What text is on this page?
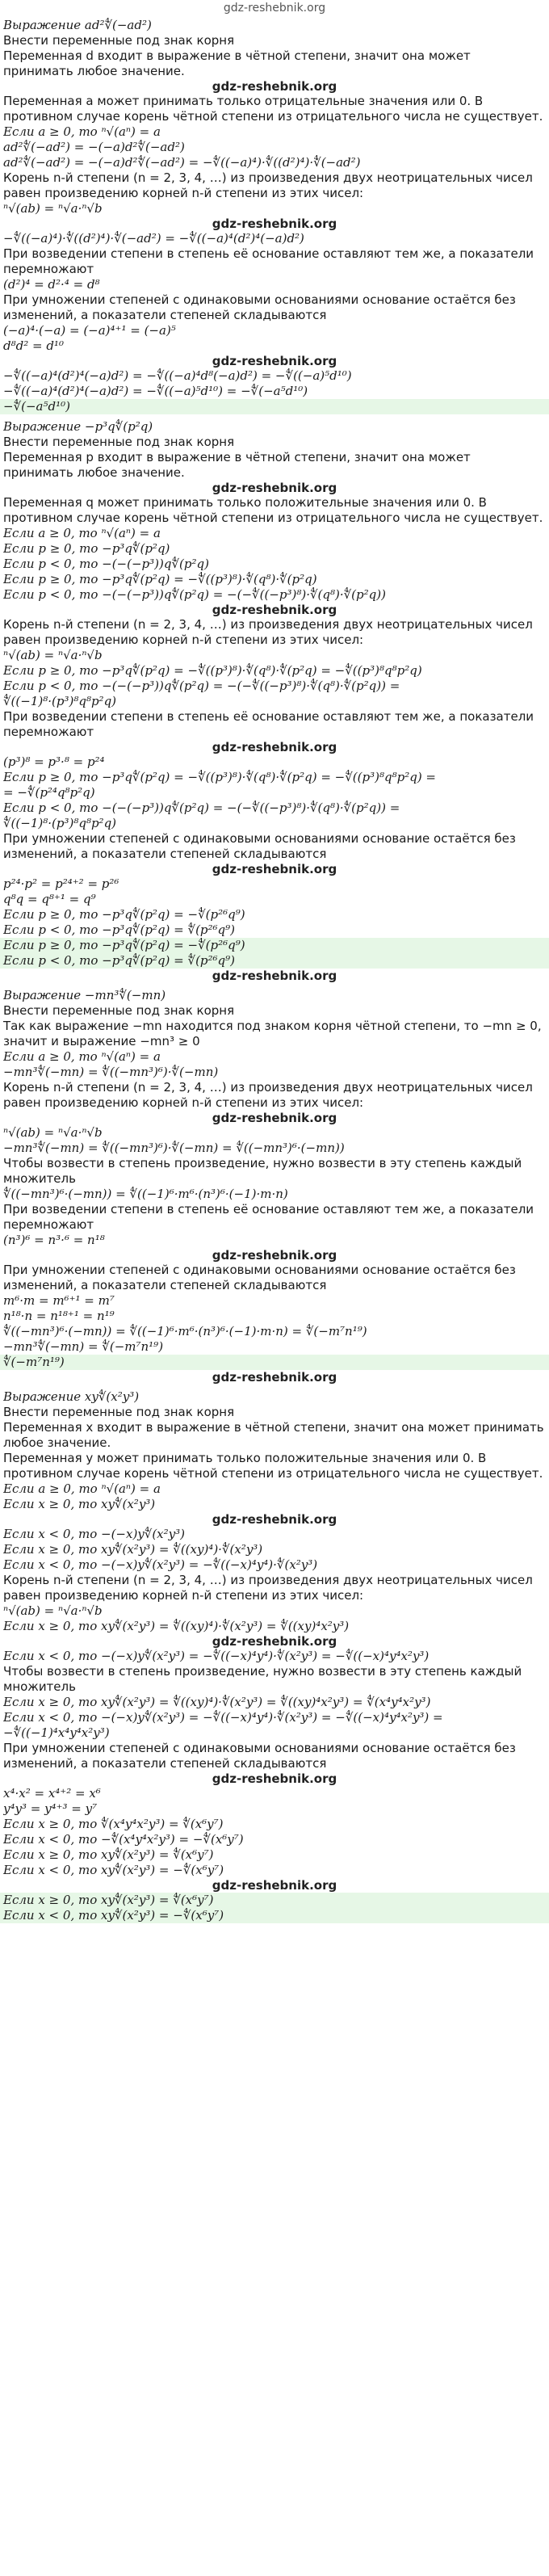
gdz-reshebnik.org
Выражение ad²∜(−ad²)
Внести переменные под знак корня
Переменная d входит в выражение в чётной степени, значит она может принимать любое значение.
gdz-reshebnik.org
Переменная a может принимать только отрицательные значения или 0. В противном случае корень чётной степени из отрицательного числа не существует.
Если a ≥ 0, то ⁿ√(aⁿ) = a
ad²∜(−ad²) = −(−a)d²∜(−ad²)
ad²∜(−ad²) = −(−a)d²∜(−ad²) = −∜((−a)⁴)·∜((d²)⁴)·∜(−ad²)
Корень n-й степени (n = 2, 3, 4, …) из произведения двух неотрицательных чисел равен произведению корней n-й степени из этих чисел:
ⁿ√(ab) = ⁿ√a·ⁿ√b
gdz-reshebnik.org
−∜((−a)⁴)·∜((d²)⁴)·∜(−ad²) = −∜((−a)⁴(d²)⁴(−a)d²)
При возведении степени в степень её основание оставляют тем же, а показатели перемножают
(d²)⁴ = d²·⁴ = d⁸
При умножении степеней с одинаковыми основаниями основание остаётся без изменений, а показатели степеней складываются
(−a)⁴·(−a) = (−a)⁴⁺¹ = (−a)⁵
d⁸d² = d¹⁰
gdz-reshebnik.org
−∜((−a)⁴(d²)⁴(−a)d²) = −∜((−a)⁴d⁸(−a)d²) = −∜((−a)⁵d¹⁰)
−∜((−a)⁴(d²)⁴(−a)d²) = −∜((−a)⁵d¹⁰) = −∜(−a⁵d¹⁰)
−∜(−a⁵d¹⁰)
Выражение −p³q∜(p²q)
Внести переменные под знак корня
Переменная p входит в выражение в чётной степени, значит она может принимать любое значение.
gdz-reshebnik.org
Переменная q может принимать только положительные значения или 0. В противном случае корень чётной степени из отрицательного числа не существует.
Если a ≥ 0, то ⁿ√(aⁿ) = a
Если p ≥ 0, то −p³q∜(p²q)
Если p < 0, то −(−(−p³))q∜(p²q)
Если p ≥ 0, то −p³q∜(p²q) = −∜((p³)⁸)·∜(q⁸)·∜(p²q)
Если p < 0, то −(−(−p³))q∜(p²q) = −(−∜((−p³)⁸)·∜(q⁸)·∜(p²q))
gdz-reshebnik.org
Корень n-й степени (n = 2, 3, 4, …) из произведения двух неотрицательных чисел равен произведению корней n-й степени из этих чисел:
ⁿ√(ab) = ⁿ√a·ⁿ√b
Если p ≥ 0, то −p³q∜(p²q) = −∜((p³)⁸)·∜(q⁸)·∜(p²q) = −∜((p³)⁸q⁸p²q)
Если p < 0, то −(−(−p³))q∜(p²q) = −(−∜((−p³)⁸)·∜(q⁸)·∜(p²q)) =
∜((−1)⁸·(p³)⁸q⁸p²q)
При возведении степени в степень её основание оставляют тем же, а показатели перемножают
gdz-reshebnik.org
(p³)⁸ = p³·⁸ = p²⁴
Если p ≥ 0, то −p³q∜(p²q) = −∜((p³)⁸)·∜(q⁸)·∜(p²q) = −∜((p³)⁸q⁸p²q) =
= −∜(p²⁴q⁸p²q)
Если p < 0, то −(−(−p³))q∜(p²q) = −(−∜((−p³)⁸)·∜(q⁸)·∜(p²q)) =
∜((−1)⁸·(p³)⁸q⁸p²q)
При умножении степеней с одинаковыми основаниями основание остаётся без изменений, а показатели степеней складываются
gdz-reshebnik.org
p²⁴·p² = p²⁴⁺² = p²⁶
q⁸q = q⁸⁺¹ = q⁹
Если p ≥ 0, то −p³q∜(p²q) = −∜(p²⁶q⁹)
Если p < 0, то −p³q∜(p²q) = ∜(p²⁶q⁹)
Если p ≥ 0, то −p³q∜(p²q) = −∜(p²⁶q⁹)
Если p < 0, то −p³q∜(p²q) = ∜(p²⁶q⁹)
gdz-reshebnik.org
Выражение −mn³∜(−mn)
Внести переменные под знак корня
Так как выражение −mn находится под знаком корня чётной степени, то −mn ≥ 0, значит и выражение −mn³ ≥ 0
Если a ≥ 0, то ⁿ√(aⁿ) = a
−mn³∜(−mn) = ∜((−mn³)⁶)·∜(−mn)
Корень n-й степени (n = 2, 3, 4, …) из произведения двух неотрицательных чисел равен произведению корней n-й степени из этих чисел:
gdz-reshebnik.org
ⁿ√(ab) = ⁿ√a·ⁿ√b
−mn³∜(−mn) = ∜((−mn³)⁶)·∜(−mn) = ∜((−mn³)⁶·(−mn))
Чтобы возвести в степень произведение, нужно возвести в эту степень каждый множитель
∜((−mn³)⁶·(−mn)) = ∜((−1)⁶·m⁶·(n³)⁶·(−1)·m·n)
При возведении степени в степень её основание оставляют тем же, а показатели перемножают
(n³)⁶ = n³·⁶ = n¹⁸
gdz-reshebnik.org
При умножении степеней с одинаковыми основаниями основание остаётся без изменений, а показатели степеней складываются
m⁶·m = m⁶⁺¹ = m⁷
n¹⁸·n = n¹⁸⁺¹ = n¹⁹
∜((−mn³)⁶·(−mn)) = ∜((−1)⁶·m⁶·(n³)⁶·(−1)·m·n) = ∜(−m⁷n¹⁹)
−mn³∜(−mn) = ∜(−m⁷n¹⁹)
∜(−m⁷n¹⁹)
gdz-reshebnik.org
Выражение xy∜(x²y³)
Внести переменные под знак корня
Переменная x входит в выражение в чётной степени, значит она может принимать любое значение.
Переменная y может принимать только положительные значения или 0. В противном случае корень чётной степени из отрицательного числа не существует.
Если a ≥ 0, то ⁿ√(aⁿ) = a
Если x ≥ 0, то xy∜(x²y³)
gdz-reshebnik.org
Если x < 0, то −(−x)y∜(x²y³)
Если x ≥ 0, то xy∜(x²y³) = ∜((xy)⁴)·∜(x²y³)
Если x < 0, то −(−x)y∜(x²y³) = −∜((−x)⁴y⁴)·∜(x²y³)
Корень n-й степени (n = 2, 3, 4, …) из произведения двух неотрицательных чисел равен произведению корней n-й степени из этих чисел:
ⁿ√(ab) = ⁿ√a·ⁿ√b
Если x ≥ 0, то xy∜(x²y³) = ∜((xy)⁴)·∜(x²y³) = ∜((xy)⁴x²y³)
gdz-reshebnik.org
Если x < 0, то −(−x)y∜(x²y³) = −∜((−x)⁴y⁴)·∜(x²y³) = −∜((−x)⁴y⁴x²y³)
Чтобы возвести в степень произведение, нужно возвести в эту степень каждый множитель
Если x ≥ 0, то xy∜(x²y³) = ∜((xy)⁴)·∜(x²y³) = ∜((xy)⁴x²y³) = ∜(x⁴y⁴x²y³)
Если x < 0, то −(−x)y∜(x²y³) = −∜((−x)⁴y⁴)·∜(x²y³) = −∜((−x)⁴y⁴x²y³) =
−∜((−1)⁴x⁴y⁴x²y³)
При умножении степеней с одинаковыми основаниями основание остаётся без изменений, а показатели степеней складываются
gdz-reshebnik.org
x⁴·x² = x⁴⁺² = x⁶
y⁴y³ = y⁴⁺³ = y⁷
Если x ≥ 0, то ∜(x⁴y⁴x²y³) = ∜(x⁶y⁷)
Если x < 0, то −∜(x⁴y⁴x²y³) = −∜(x⁶y⁷)
Если x ≥ 0, то xy∜(x²y³) = ∜(x⁶y⁷)
Если x < 0, то xy∜(x²y³) = −∜(x⁶y⁷)
gdz-reshebnik.org
Если x ≥ 0, то xy∜(x²y³) = ∜(x⁶y⁷)
Если x < 0, то xy∜(x²y³) = −∜(x⁶y⁷)
